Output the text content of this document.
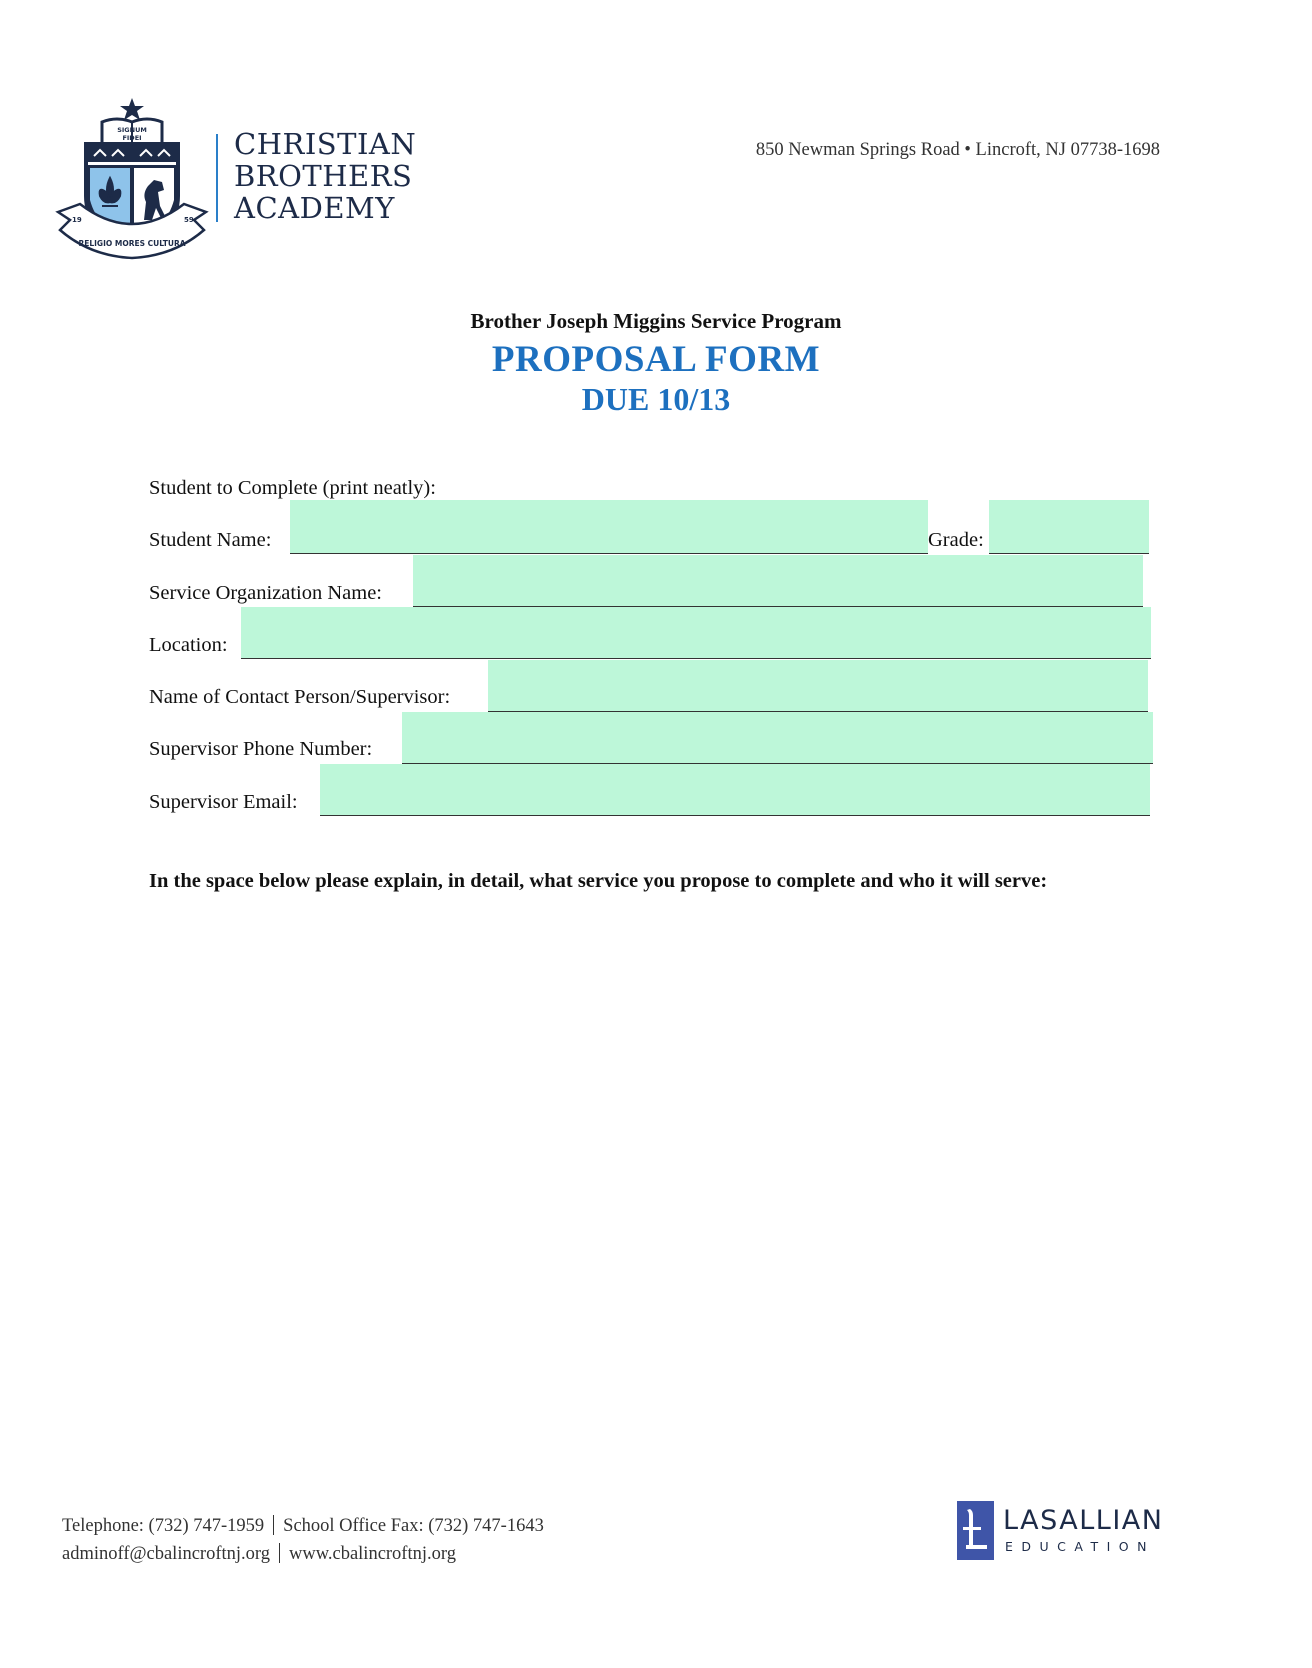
SIGNUM
FIDEI
19	59
RELIGIO MORES CULTURA
CHRISTIAN
BROTHERS
ACADEMY
850 Newman Springs Road • Lincroft, NJ 07738-1698
Brother Joseph Miggins Service Program
PROPOSAL FORM
DUE 10/13
Student to Complete (print neatly):
Student Name:	Grade:
Service Organization Name:
Location:
Name of Contact Person/Supervisor:
Supervisor Phone Number:
Supervisor Email:
In the space below please explain, in detail, what service you propose to complete and who it will serve:
Telephone: (732) 747-1959 School Office Fax: (732) 747-1643
adminoff@cbalincroftnj.org www.cbalincroftnj.org
LASALLIAN
EDUCATION
